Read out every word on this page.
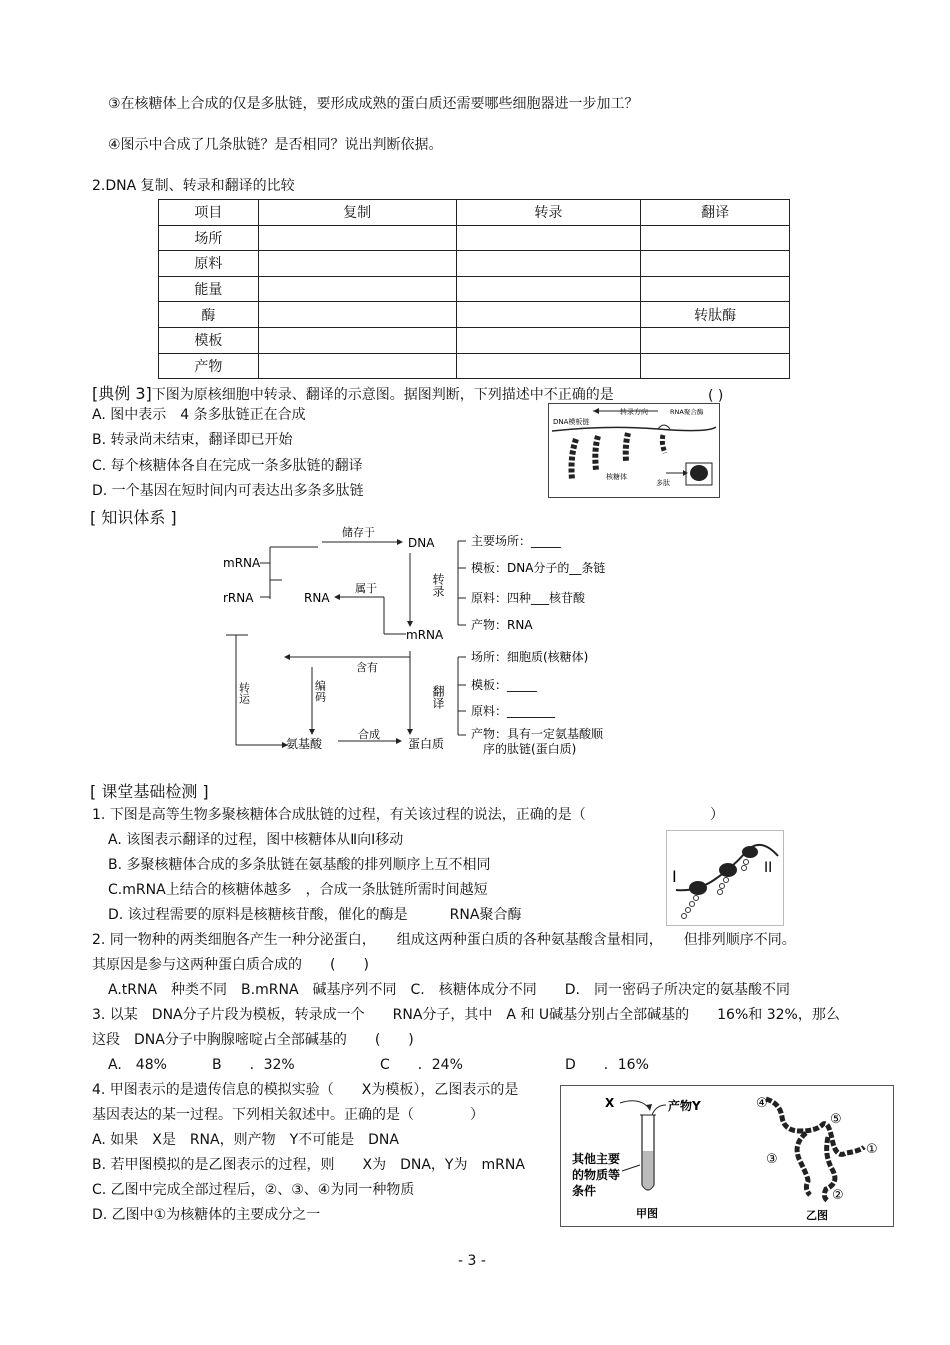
③在核糖体上合成的仅是多肽链，要形成成熟的蛋白质还需要哪些细胞器进一步加工？
④图示中合成了几条肽链？是否相同？说出判断依据。
2.DNA 复制、转录和翻译的比较
项目	复制	转录	翻译
场所			
原料			
能量			
酶			转肽酶
模板			
产物			
[典例 3]下图为原核细胞中转录、翻译的示意图。据图判断，下列描述中不正确的是	( )
A. 图中表示　4 条多肽链正在合成
B. 转录尚未结束，翻译即已开始
C. 每个核糖体各自在完成一条多肽链的翻译
D. 一个基因在短时间内可表达出多条多肽链
转录方向	RNA聚合酶
DNA模板链
核糖体
多肽
[ 知识体系 ]
mRNA
rRNA	RNA
DNA
mRNA
氨基酸	蛋白质
储存于
属于
含有
合成
编码
转运
转录
翻译
主要场所：_____
模板：DNA分子的__条链
原料：四种___核苷酸
产物：RNA
场所：细胞质(核糖体)
模板：_____
原料：________
产物：具有一定氨基酸顺
序的肽链(蛋白质)
[ 课堂基础检测 ]
1. 下图是高等生物多聚核糖体合成肽链的过程，有关该过程的说法，正确的是（	）
A. 该图表示翻译的过程，图中核糖体从Ⅱ向Ⅰ移动
B. 多聚核糖体合成的多条肽链在氨基酸的排列顺序上互不相同
C.mRNA上结合的核糖体越多　，合成一条肽链所需时间越短
D. 该过程需要的原料是核糖核苷酸，催化的酶是　　　RNA聚合酶
I	II
2. 同一物种的两类细胞各产生一种分泌蛋白，　　组成这两种蛋白质的各种氨基酸含量相同，　　但排列顺序不同。
其原因是参与这两种蛋白质合成的　　(　　)
A.tRNA　种类不同　B.mRNA　碱基序列不同　C.　核糖体成分不同　　D.　同一密码子所决定的氨基酸不同
3. 以某　DNA分子片段为模板，转录成一个　　RNA分子，其中　A 和 U碱基分别占全部碱基的　　16%和 32%，那么
这段　DNA分子中胸腺嘧啶占全部碱基的　　(　　)
A.　48%	B　　．32%	C　　．24%	D　　．16%
4. 甲图表示的是遗传信息的模拟实验（　　X为模板），乙图表示的是
基因表达的某一过程。下列相关叙述中。正确的是（　　　　）
A. 如果　X是　RNA，则产物　Y不可能是　DNA
B. 若甲图模拟的是乙图表示的过程，则　　X为　DNA，Y为　mRNA
C. 乙图中完成全部过程后，②、③、④为同一种物质
D. 乙图中①为核糖体的主要成分之一
X	产物Y
其他主要
的物质等
条件
甲图
④
⑤
①
③
②
乙图
- 3 -
